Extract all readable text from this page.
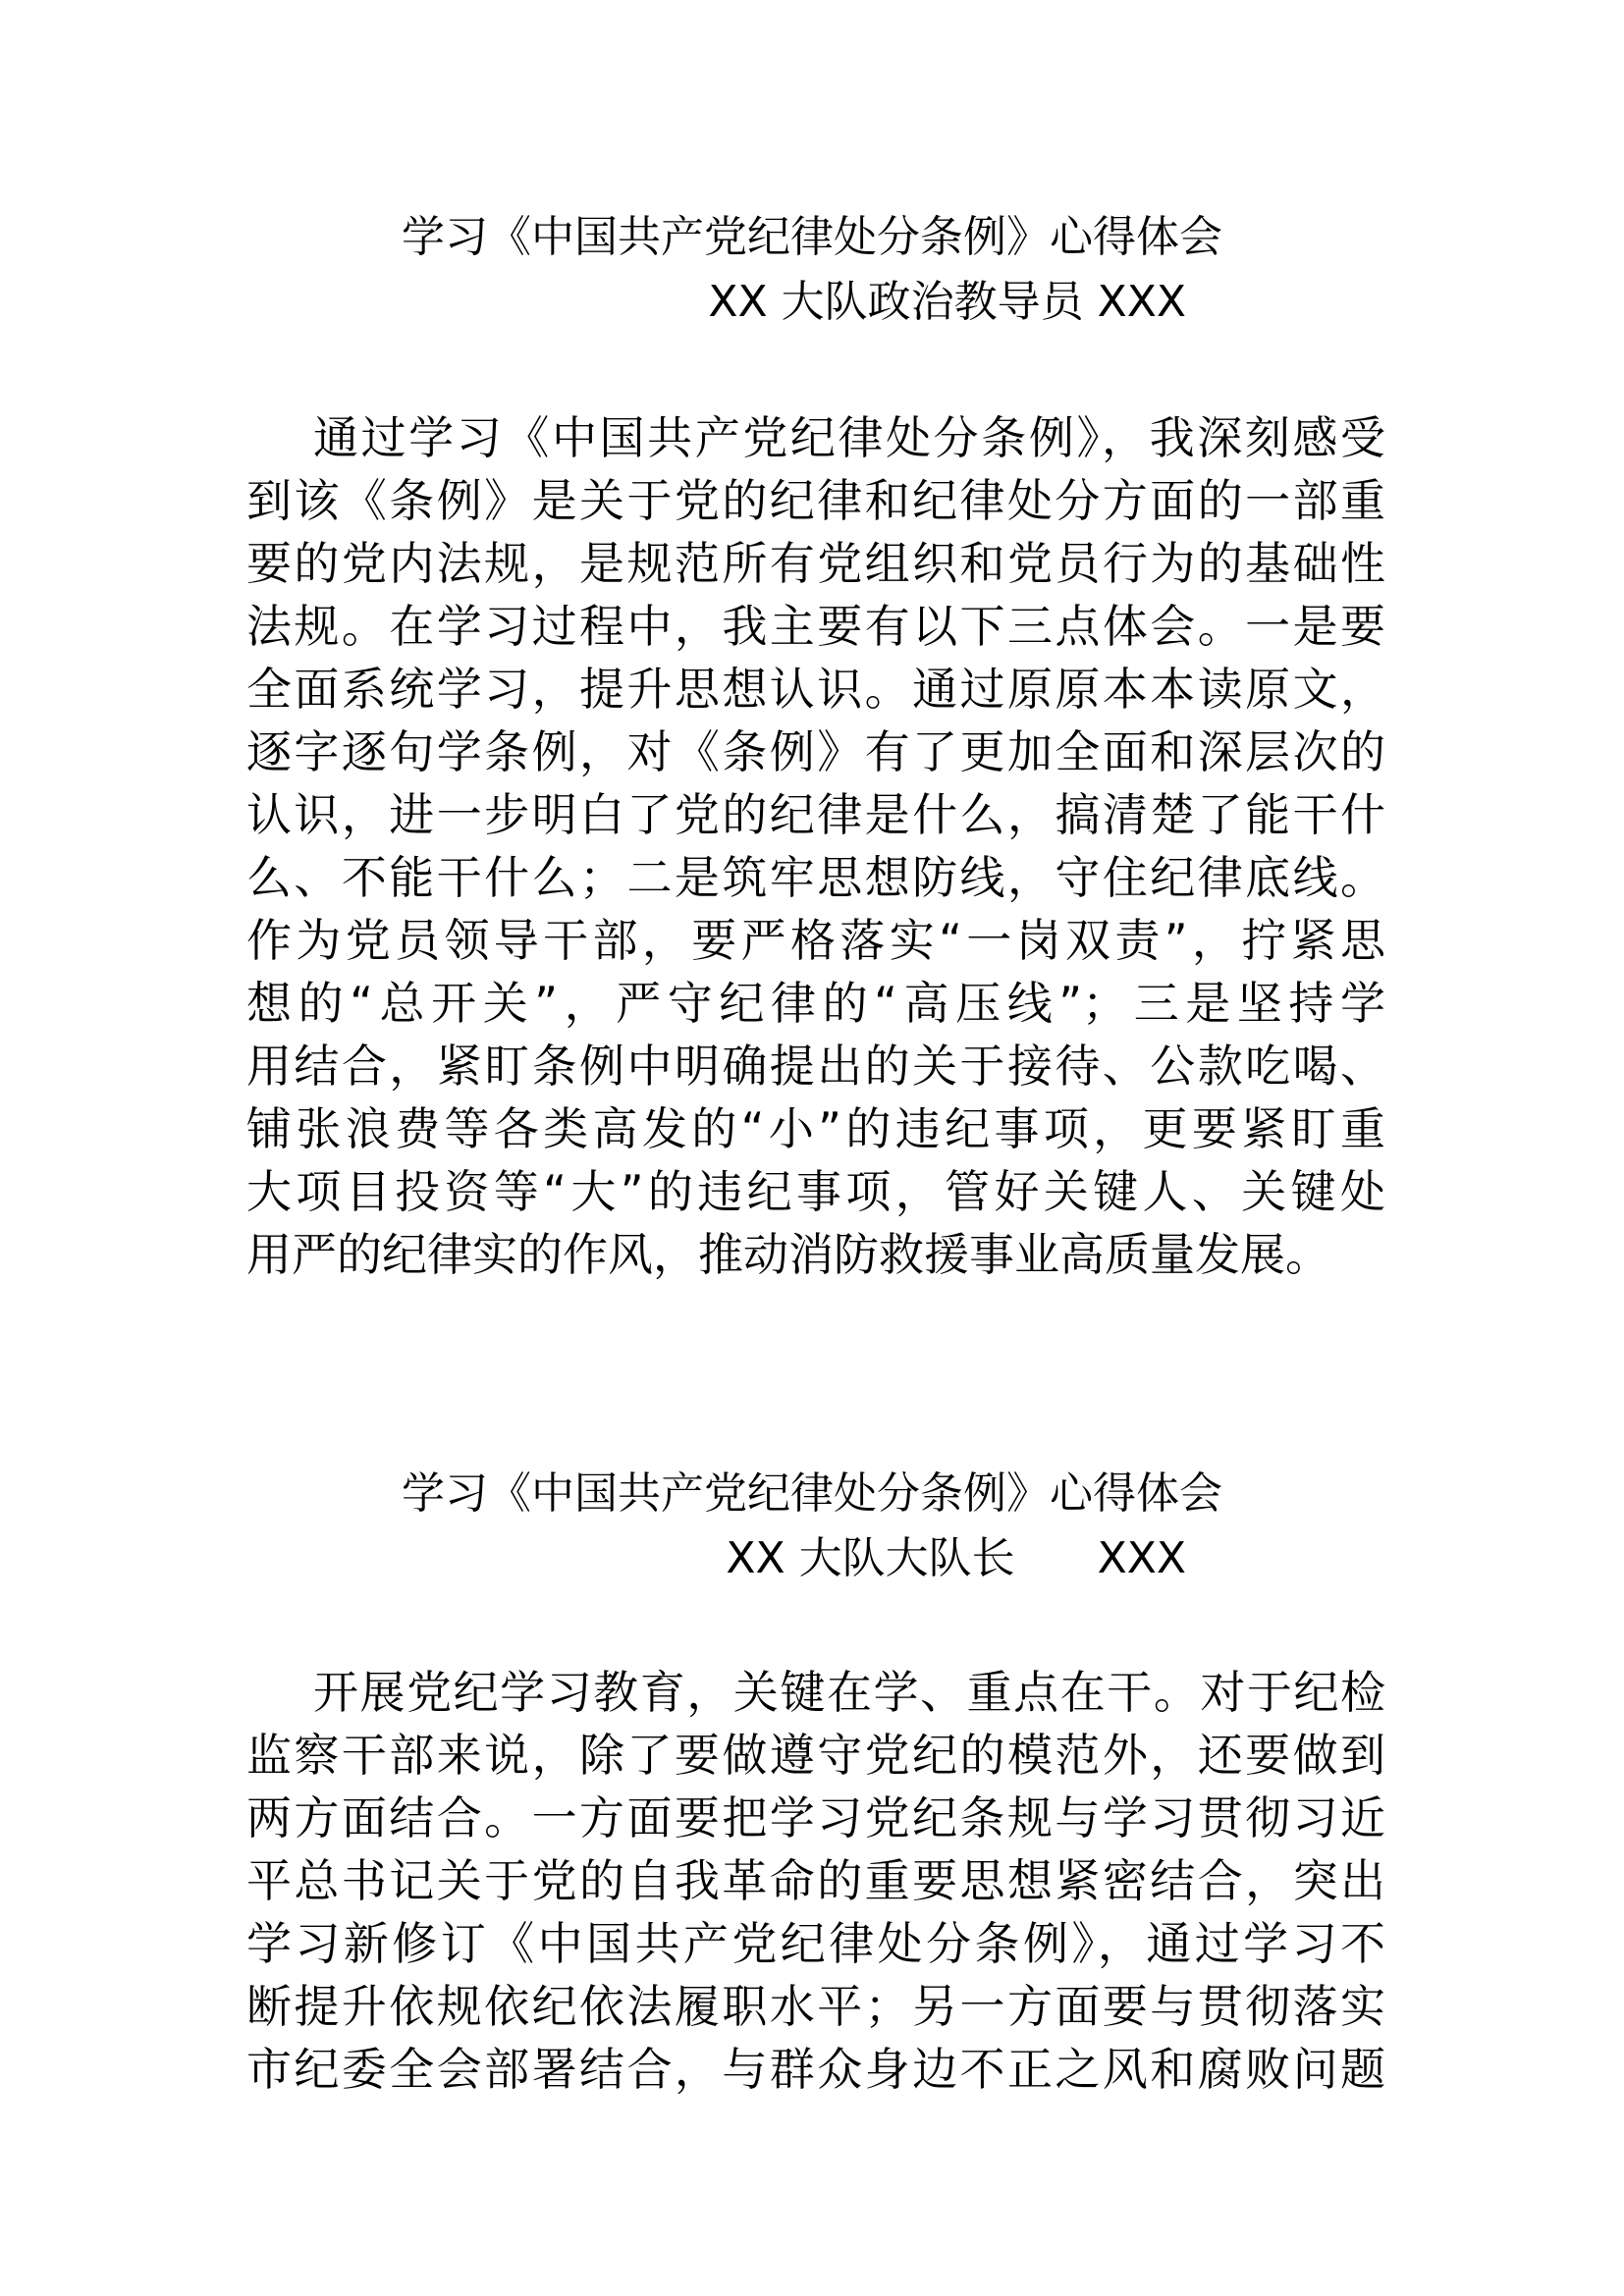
学习《中国共产党纪律处分条例》心得体会
XX 大队政治教导员 XXX
通过学习《中国共产党纪律处分条例》，我深刻感受
到该《条例》是关于党的纪律和纪律处分方面的一部重
要的党内法规，是规范所有党组织和党员行为的基础性
法规。在学习过程中，我主要有以下三点体会。一是要
全面系统学习，提升思想认识。通过原原本本读原文，
逐字逐句学条例，对《条例》有了更加全面和深层次的
认识，进一步明白了党的纪律是什么，搞清楚了能干什
么、不能干什么；二是筑牢思想防线，守住纪律底线。
作为党员领导干部，要严格落实“一岗双责”，拧紧思
想的“总开关”，严守纪律的“高压线”；三是坚持学
用结合，紧盯条例中明确提出的关于接待、公款吃喝、
铺张浪费等各类高发的“小”的违纪事项，更要紧盯重
大项目投资等“大”的违纪事项，管好关键人、关键处
用严的纪律实的作风，推动消防救援事业高质量发展。
学习《中国共产党纪律处分条例》心得体会
XX 大队大队长      XXX
开展党纪学习教育，关键在学、重点在干。对于纪检
监察干部来说，除了要做遵守党纪的模范外，还要做到
两方面结合。一方面要把学习党纪条规与学习贯彻习近
平总书记关于党的自我革命的重要思想紧密结合，突出
学习新修订《中国共产党纪律处分条例》，通过学习不
断提升依规依纪依法履职水平；另一方面要与贯彻落实
市纪委全会部署结合，与群众身边不正之风和腐败问题
